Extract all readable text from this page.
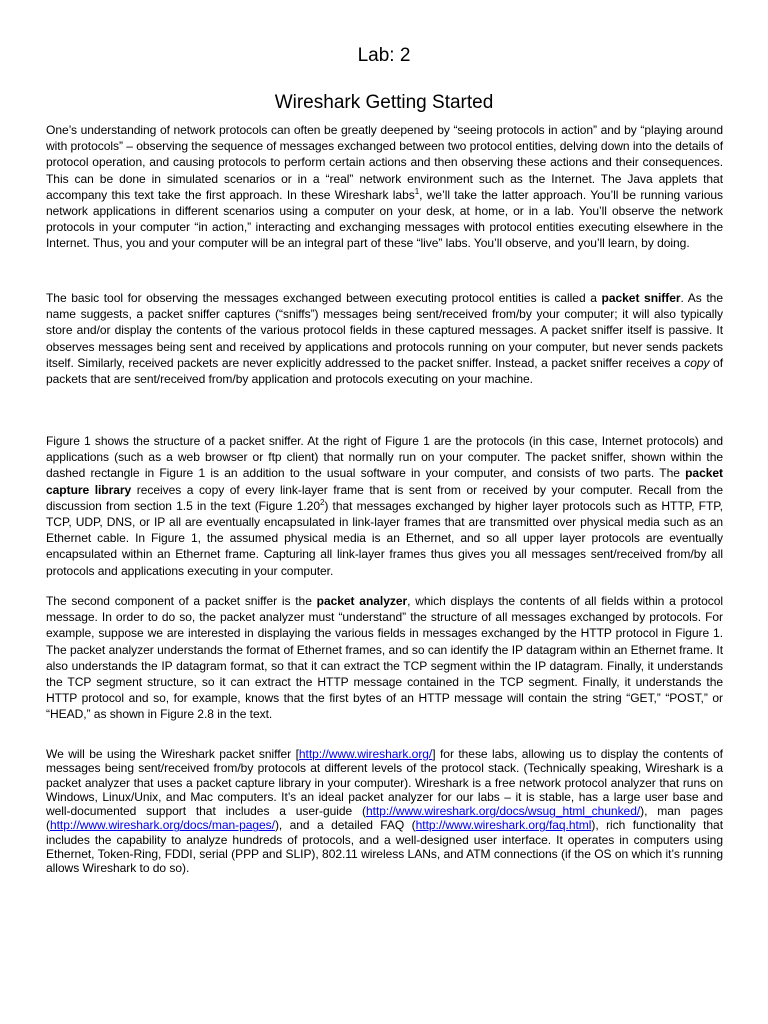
Lab: 2
Wireshark Getting Started

One’s understanding of network protocols can often be greatly deepened by “seeing protocols in action” and by “playing around with protocols” – observing the sequence of messages exchanged between two protocol entities, delving down into the details of protocol operation, and causing protocols to perform certain actions and then observing these actions and their consequences. This can be done in simulated scenarios or in a “real” network environment such as the Internet. The Java applets that accompany this text take the first approach. In these Wireshark labs$^1$, we’ll take the latter approach. You’ll be running various network applications in different scenarios using a computer on your desk, at home, or in a lab. You’ll observe the network protocols in your computer “in action,” interacting and exchanging messages with protocol entities executing elsewhere in the Internet. Thus, you and your computer will be an integral part of these “live” labs. You’ll observe, and you’ll learn, by doing.

The basic tool for observing the messages exchanged between executing protocol entities is called a packet sniffer. As the name suggests, a packet sniffer captures (“sniffs”) messages being sent/received from/by your computer; it will also typically store and/or display the contents of the various protocol fields in these captured messages. A packet sniffer itself is passive. It observes messages being sent and received by applications and protocols running on your computer, but never sends packets itself. Similarly, received packets are never explicitly addressed to the packet sniffer. Instead, a packet sniffer receives a copy of packets that are sent/received from/by application and protocols executing on your machine.

Figure 1 shows the structure of a packet sniffer. At the right of Figure 1 are the protocols (in this case, Internet protocols) and applications (such as a web browser or ftp client) that normally run on your computer. The packet sniffer, shown within the dashed rectangle in Figure 1 is an addition to the usual software in your computer, and consists of two parts. The packet capture library receives a copy of every link-layer frame that is sent from or received by your computer. Recall from the discussion from section 1.5 in the text (Figure 1.20$^2$) that messages exchanged by higher layer protocols such as HTTP, FTP, TCP, UDP, DNS, or IP all are eventually encapsulated in link-layer frames that are transmitted over physical media such as an Ethernet cable. In Figure 1, the assumed physical media is an Ethernet, and so all upper layer protocols are eventually encapsulated within an Ethernet frame. Capturing all link-layer frames thus gives you all messages sent/received from/by all protocols and applications executing in your computer.

The second component of a packet sniffer is the packet analyzer, which displays the contents of all fields within a protocol message. In order to do so, the packet analyzer must “understand” the structure of all messages exchanged by protocols. For example, suppose we are interested in displaying the various fields in messages exchanged by the HTTP protocol in Figure 1. The packet analyzer understands the format of Ethernet frames, and so can identify the IP datagram within an Ethernet frame. It also understands the IP datagram format, so that it can extract the TCP segment within the IP datagram. Finally, it understands the TCP segment structure, so it can extract the HTTP message contained in the TCP segment. Finally, it understands the HTTP protocol and so, for example, knows that the first bytes of an HTTP message will contain the string “GET,” “POST,” or “HEAD,” as shown in Figure 2.8 in the text.

We will be using the Wireshark packet sniffer [http://www.wireshark.org/] for these labs, allowing us to display the contents of messages being sent/received from/by protocols at different levels of the protocol stack. (Technically speaking, Wireshark is a packet analyzer that uses a packet capture library in your computer). Wireshark is a free network protocol analyzer that runs on Windows, Linux/Unix, and Mac computers. It’s an ideal packet analyzer for our labs – it is stable, has a large user base and well-documented support that includes a user-guide (http://www.wireshark.org/docs/wsug_html_chunked/), man pages (http://www.wireshark.org/docs/man-pages/), and a detailed FAQ (http://www.wireshark.org/faq.html), rich functionality that includes the capability to analyze hundreds of protocols, and a well-designed user interface. It operates in computers using Ethernet, Token-Ring, FDDI, serial (PPP and SLIP), 802.11 wireless LANs, and ATM connections (if the OS on which it’s running allows Wireshark to do so).
